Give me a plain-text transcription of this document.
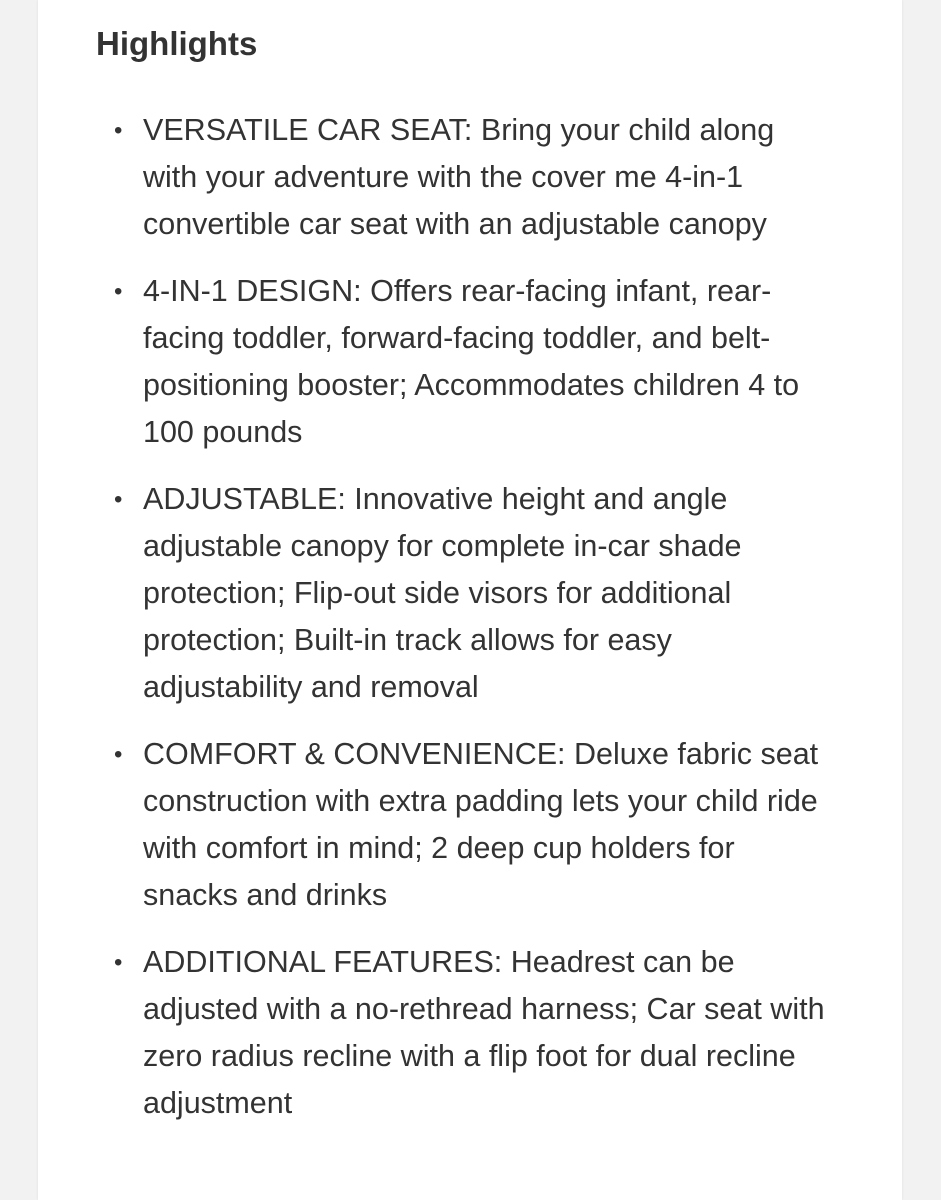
Highlights
• VERSATILE CAR SEAT: Bring your child along with your adventure with the cover me 4-in-1 convertible car seat with an adjustable canopy
• 4-IN-1 DESIGN: Offers rear-facing infant, rear-facing toddler, forward-facing toddler, and belt-positioning booster; Accommodates children 4 to 100 pounds
• ADJUSTABLE: Innovative height and angle adjustable canopy for complete in-car shade protection; Flip-out side visors for additional protection; Built-in track allows for easy adjustability and removal
• COMFORT & CONVENIENCE: Deluxe fabric seat construction with extra padding lets your child ride with comfort in mind; 2 deep cup holders for snacks and drinks
• ADDITIONAL FEATURES: Headrest can be adjusted with a no-rethread harness; Car seat with zero radius recline with a flip foot for dual recline adjustment
